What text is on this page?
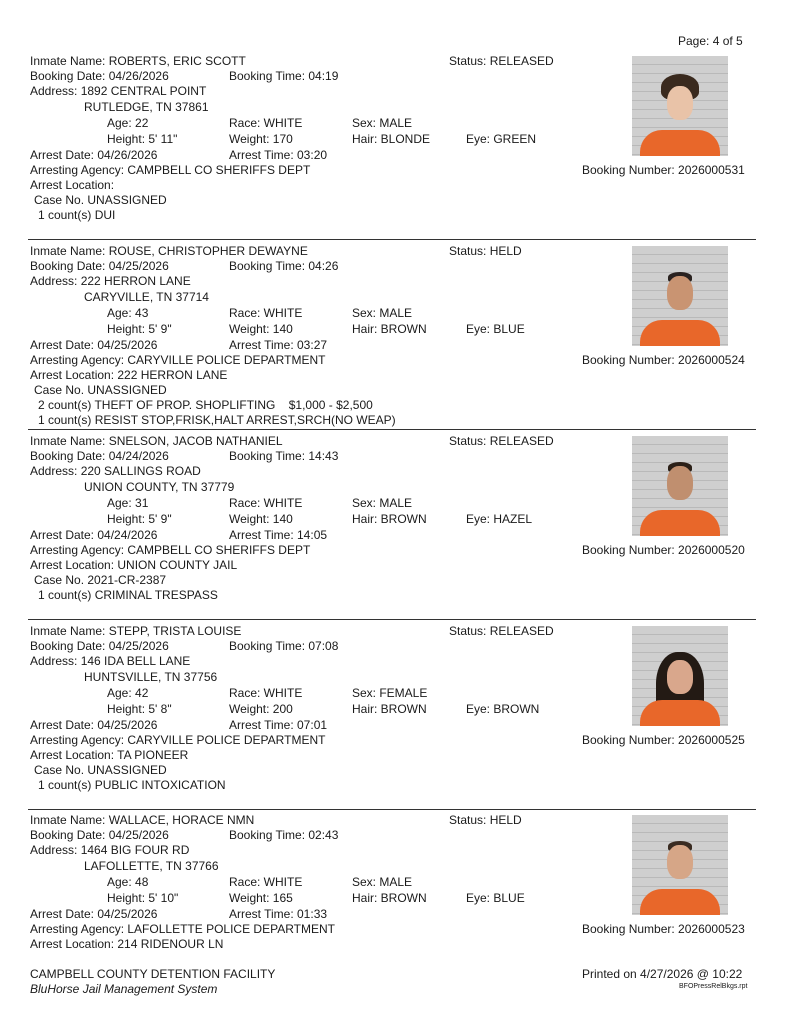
Page: 4 of 5
Inmate Name: ROBERTS, ERIC SCOTT	Status: RELEASED
Booking Date: 04/26/2026	Booking Time: 04:19
Address: 1892 CENTRAL POINT
RUTLEDGE, TN 37861
Age: 22	Race: WHITE	Sex: MALE
Height: 5' 11"	Weight: 170	Hair: BLONDE	Eye: GREEN
Arrest Date: 04/26/2026	Arrest Time: 03:20
Arresting Agency: CAMPBELL CO SHERIFFS DEPT
Arrest Location:
Case No. UNASSIGNED
1 count(s) DUI
Booking Number: 2026000531
Inmate Name: ROUSE, CHRISTOPHER DEWAYNE	Status: HELD
Booking Date: 04/25/2026	Booking Time: 04:26
Address: 222 HERRON LANE
CARYVILLE, TN 37714
Age: 43	Race: WHITE	Sex: MALE
Height: 5' 9"	Weight: 140	Hair: BROWN	Eye: BLUE
Arrest Date: 04/25/2026	Arrest Time: 03:27
Arresting Agency: CARYVILLE POLICE DEPARTMENT
Arrest Location: 222 HERRON LANE
Case No. UNASSIGNED
2 count(s) THEFT OF PROP. SHOPLIFTING    $1,000 - $2,500
1 count(s) RESIST STOP,FRISK,HALT ARREST,SRCH(NO WEAP)
Booking Number: 2026000524
Inmate Name: SNELSON, JACOB NATHANIEL	Status: RELEASED
Booking Date: 04/24/2026	Booking Time: 14:43
Address: 220 SALLINGS ROAD
UNION COUNTY, TN 37779
Age: 31	Race: WHITE	Sex: MALE
Height: 5' 9"	Weight: 140	Hair: BROWN	Eye: HAZEL
Arrest Date: 04/24/2026	Arrest Time: 14:05
Arresting Agency: CAMPBELL CO SHERIFFS DEPT
Arrest Location: UNION COUNTY JAIL
Case No. 2021-CR-2387
1 count(s) CRIMINAL TRESPASS
Booking Number: 2026000520
Inmate Name: STEPP, TRISTA LOUISE	Status: RELEASED
Booking Date: 04/25/2026	Booking Time: 07:08
Address: 146 IDA BELL LANE
HUNTSVILLE, TN 37756
Age: 42	Race: WHITE	Sex: FEMALE
Height: 5' 8"	Weight: 200	Hair: BROWN	Eye: BROWN
Arrest Date: 04/25/2026	Arrest Time: 07:01
Arresting Agency: CARYVILLE POLICE DEPARTMENT
Arrest Location: TA PIONEER
Case No. UNASSIGNED
1 count(s) PUBLIC INTOXICATION
Booking Number: 2026000525
Inmate Name: WALLACE, HORACE NMN	Status: HELD
Booking Date: 04/25/2026	Booking Time: 02:43
Address: 1464 BIG FOUR RD
LAFOLLETTE, TN 37766
Age: 48	Race: WHITE	Sex: MALE
Height: 5' 10"	Weight: 165	Hair: BROWN	Eye: BLUE
Arrest Date: 04/25/2026	Arrest Time: 01:33
Arresting Agency: LAFOLLETTE POLICE DEPARTMENT
Arrest Location: 214 RIDENOUR LN
Booking Number: 2026000523
CAMPBELL COUNTY DETENTION FACILITY
BluHorse Jail Management System
Printed on 4/27/2026 @ 10:22
BFOPressRelBkgs.rpt
